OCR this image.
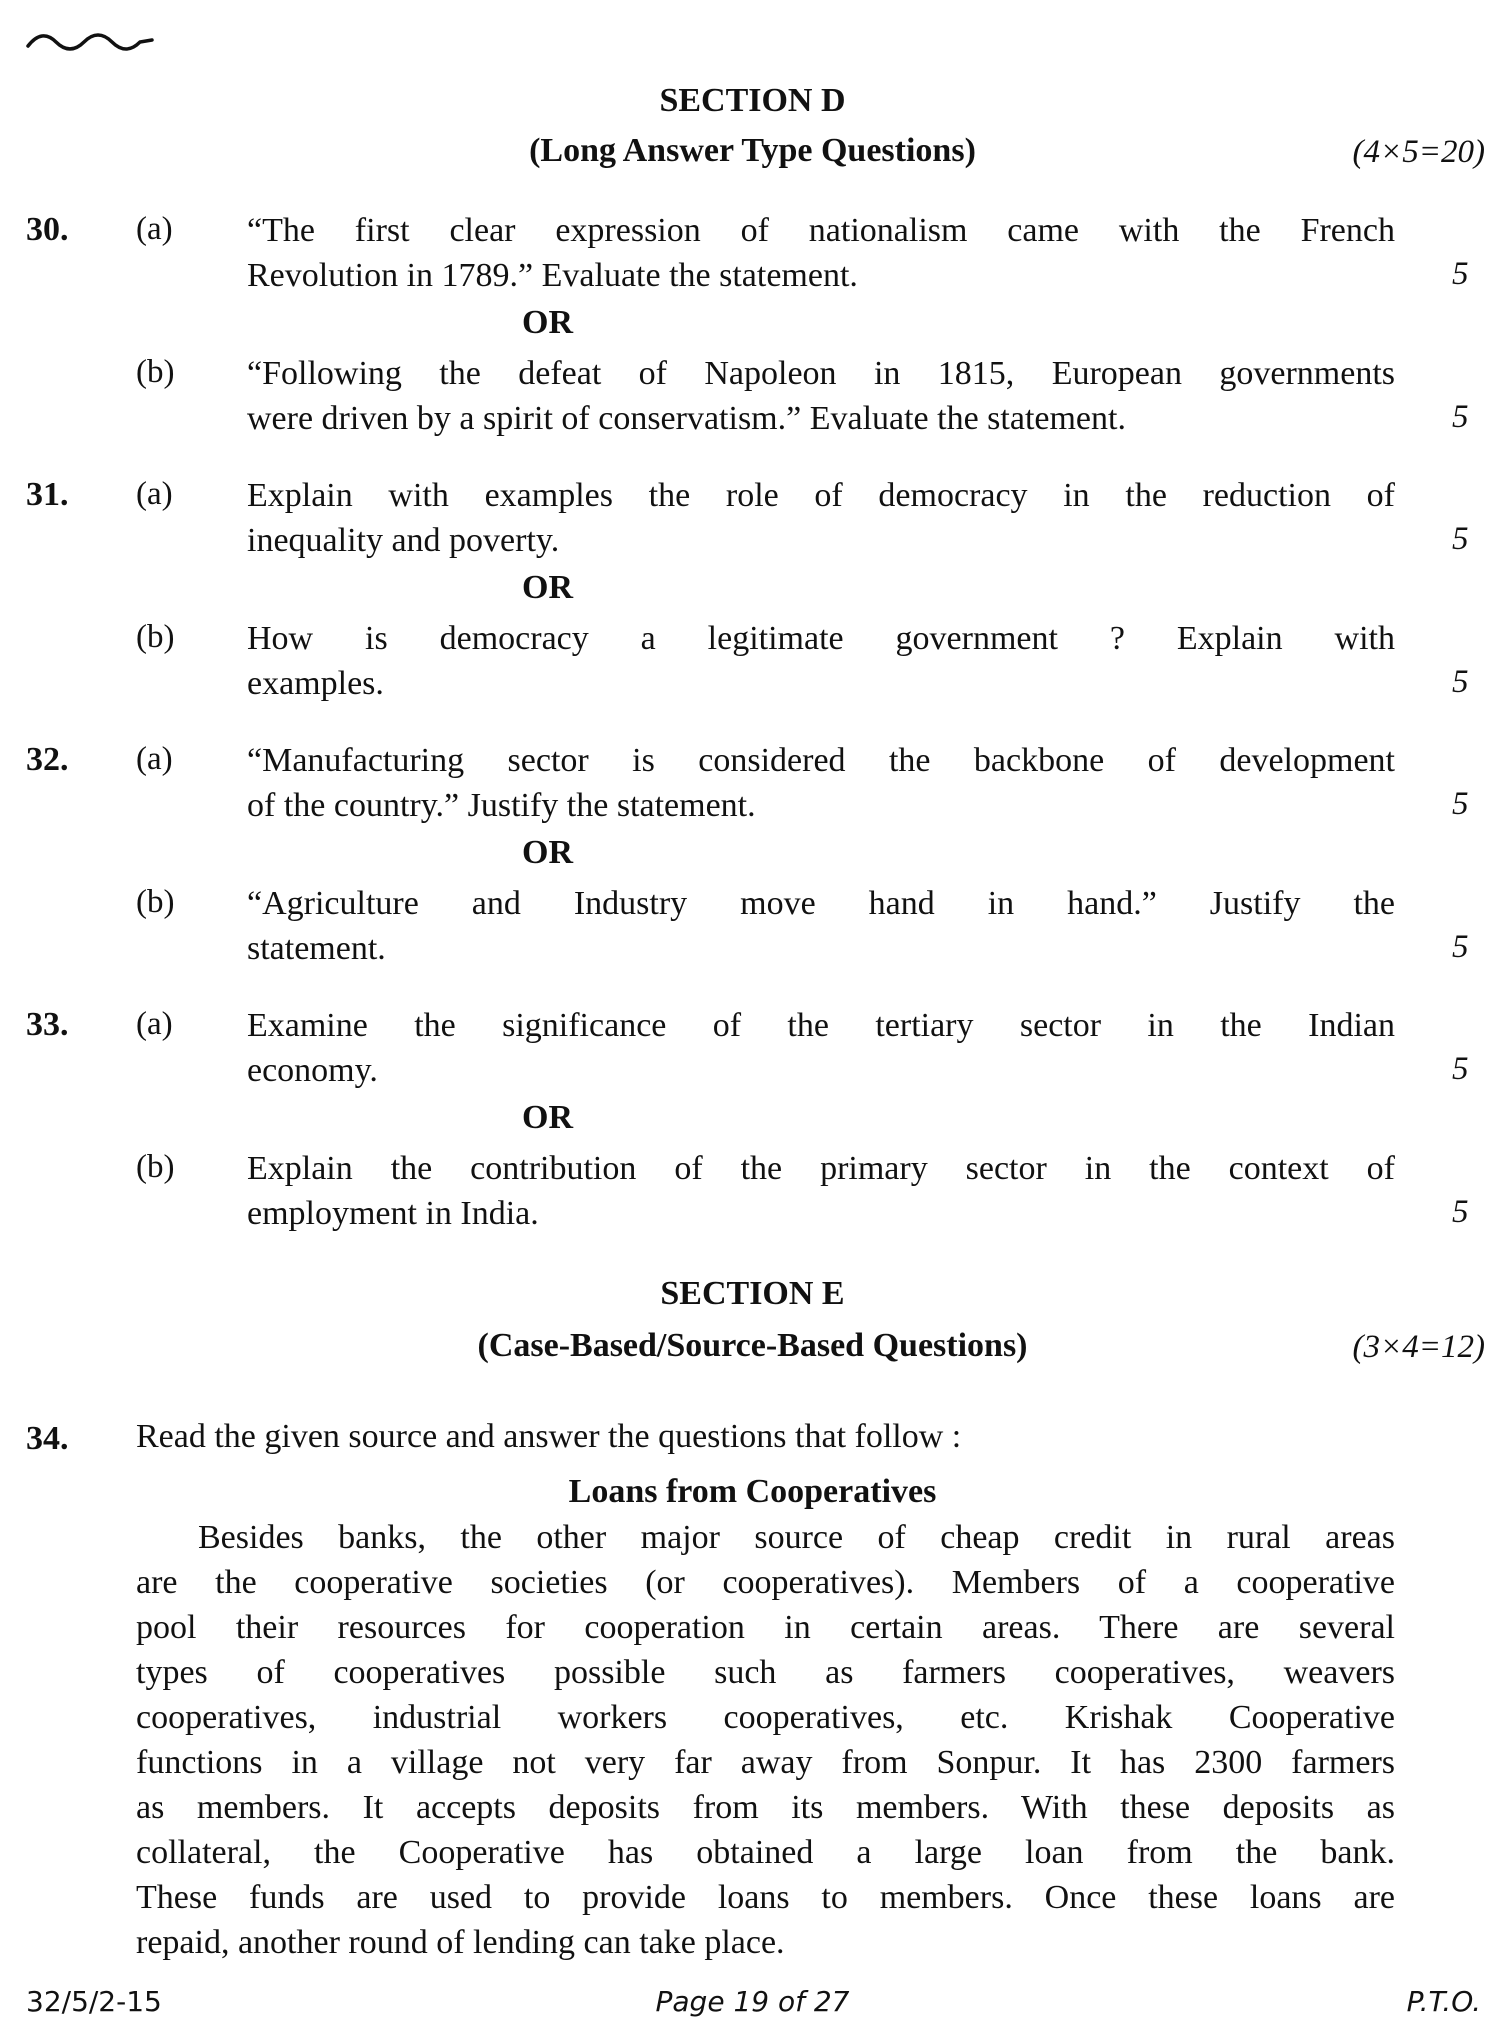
SECTION D
(Long Answer Type Questions)	(4×5=20)
30. (a) “The first clear expression of nationalism came with the French
Revolution in 1789.” Evaluate the statement.	5
OR
(b) “Following the defeat of Napoleon in 1815, European governments
were driven by a spirit of conservatism.” Evaluate the statement.	5
31. (a) Explain with examples the role of democracy in the reduction of
inequality and poverty.	5
OR
(b) How is democracy a legitimate government ? Explain with
examples.	5
32. (a) “Manufacturing sector is considered the backbone of development
of the country.” Justify the statement.	5
OR
(b) “Agriculture and Industry move hand in hand.” Justify the
statement.	5
33. (a) Examine the significance of the tertiary sector in the Indian
economy.	5
OR
(b) Explain the contribution of the primary sector in the context of
employment in India.	5
SECTION E
(Case-Based/Source-Based Questions)	(3×4=12)
34. Read the given source and answer the questions that follow :
Loans from Cooperatives
Besides banks, the other major source of cheap credit in rural areas
are the cooperative societies (or cooperatives). Members of a cooperative
pool their resources for cooperation in certain areas. There are several
types of cooperatives possible such as farmers cooperatives, weavers
cooperatives, industrial workers cooperatives, etc. Krishak Cooperative
functions in a village not very far away from Sonpur. It has 2300 farmers
as members. It accepts deposits from its members. With these deposits as
collateral, the Cooperative has obtained a large loan from the bank.
These funds are used to provide loans to members. Once these loans are
repaid, another round of lending can take place.
32/5/2-15	Page 19 of 27	P.T.O.
